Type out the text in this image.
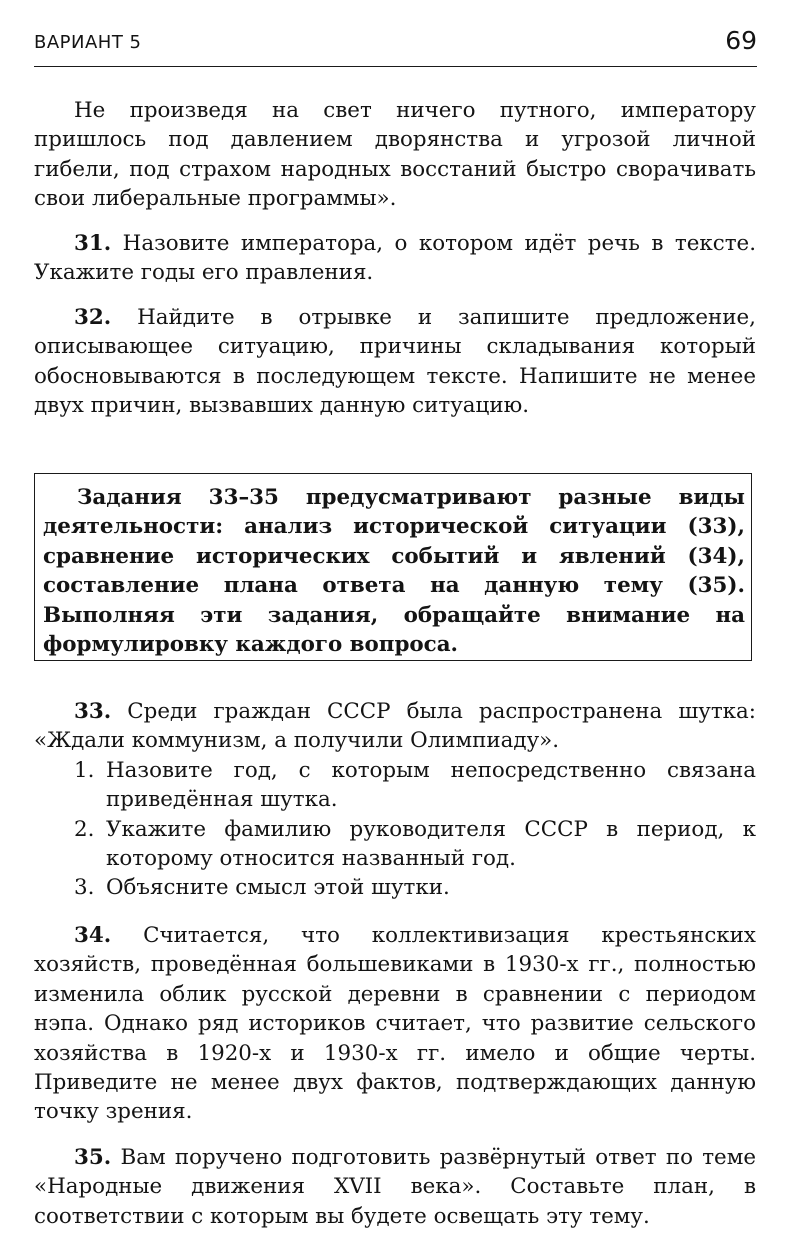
ВАРИАНТ 5	69

Не произведя на свет ничего путного, императору пришлось под давлением дворянства и угрозой личной гибели, под страхом народных восстаний быстро сворачивать свои либеральные программы».

31. Назовите императора, о котором идёт речь в тексте. Укажите годы его правления.

32. Найдите в отрывке и запишите предложение, описывающее ситуацию, причины складывания который обосновываются в последующем тексте. Напишите не менее двух причин, вызвавших данную ситуацию.

Задания 33–35 предусматривают разные виды деятельности: анализ исторической ситуации (33), сравнение исторических событий и явлений (34), составление плана ответа на данную тему (35). Выполняя эти задания, обращайте внимание на формулировку каждого вопроса.

33. Среди граждан СССР была распространена шутка: «Ждали коммунизм, а получили Олимпиаду».

1. Назовите год, с которым непосредственно связана приведённая шутка.
2. Укажите фамилию руководителя СССР в период, к которому относится названный год.
3. Объясните смысл этой шутки.

34. Считается, что коллективизация крестьянских хозяйств, проведённая большевиками в 1930-х гг., полностью изменила облик русской деревни в сравнении с периодом нэпа. Однако ряд историков считает, что развитие сельского хозяйства в 1920-х и 1930-х гг. имело и общие черты. Приведите не менее двух фактов, подтверждающих данную точку зрения.

35. Вам поручено подготовить развёрнутый ответ по теме «Народные движения XVII века». Составьте план, в соответствии с которым вы будете освещать эту тему.
